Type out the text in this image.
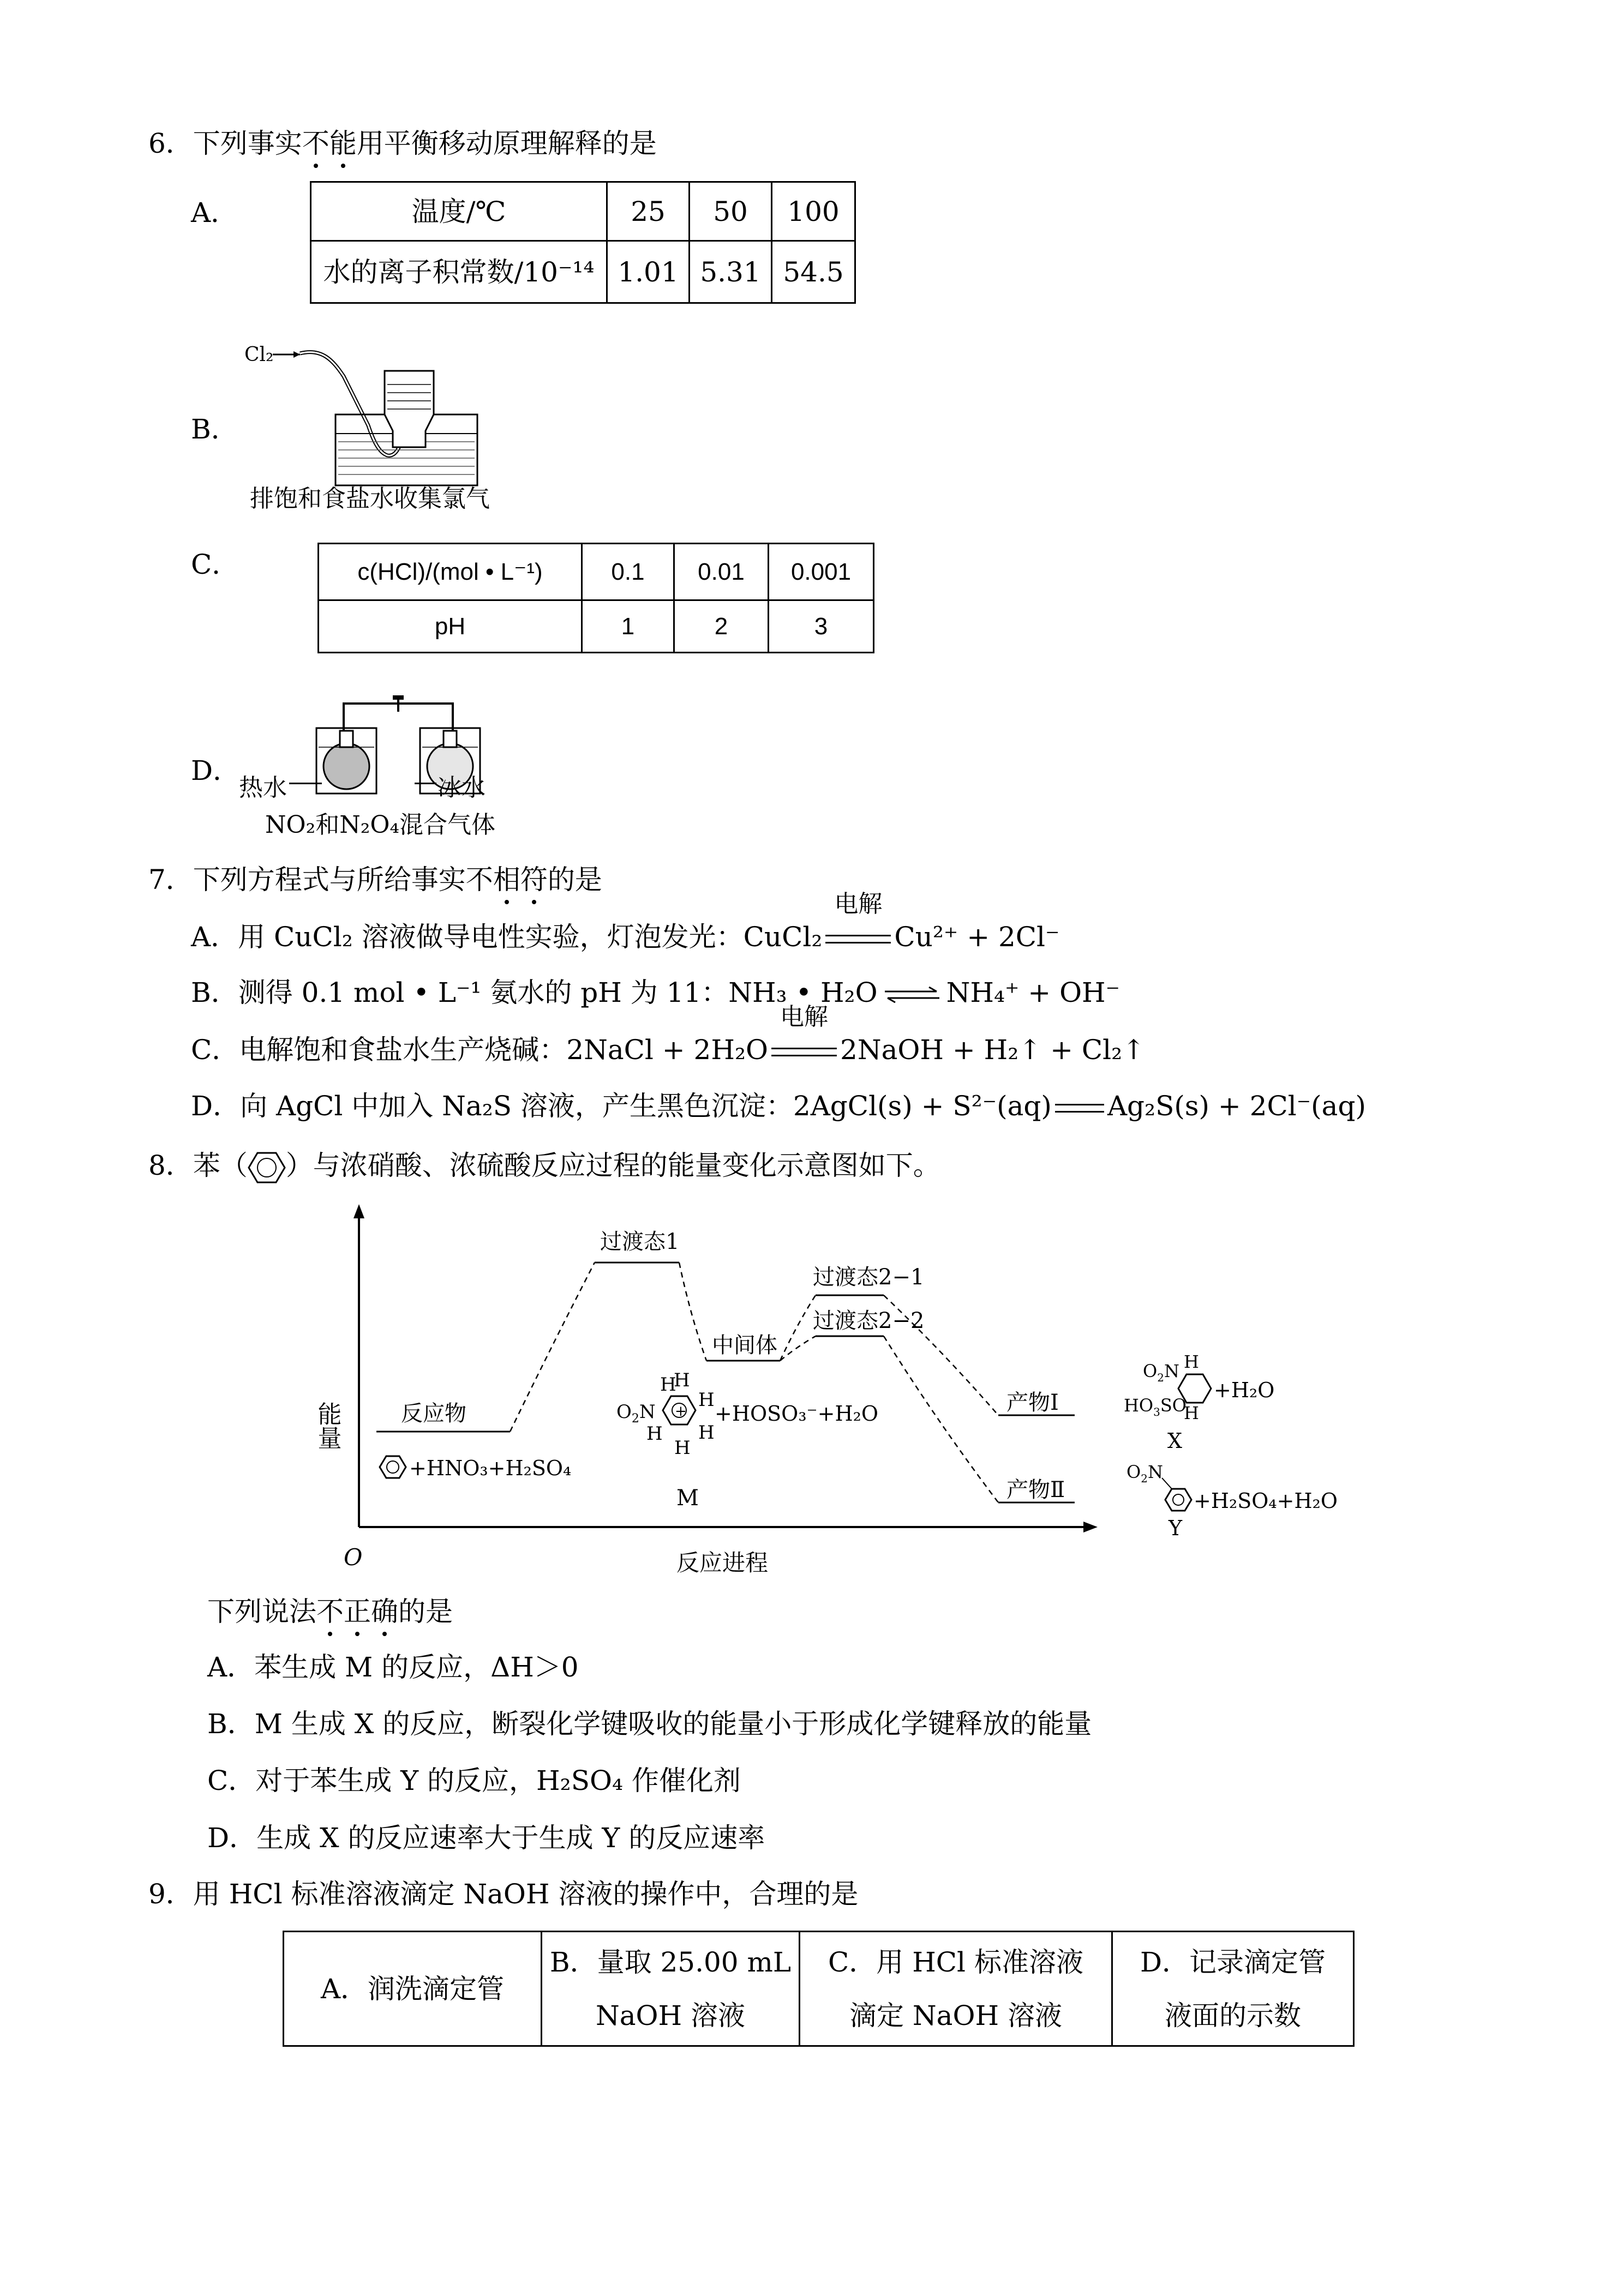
6．下列事实不能用平衡移动原理解释的是
A．	温度/℃	25	50	100
水的离子积常数/10⁻¹⁴	1.01	5.31	54.5
B．
Cl₂
排饱和食盐水收集氯气
C．	c(HCl)/(mol • L⁻¹)	0.1	0.01	0.001
pH	1	2	3
D．
热水	冰水
NO₂和N₂O₄混合气体
7．下列方程式与所给事实不相符的是
A．用 CuCl₂ 溶液做导电性实验，灯泡发光：CuCl₂
电解
Cu²⁺ + 2Cl⁻
B．测得 0.1 mol • L⁻¹ 氨水的 pH 为 11：NH₃ • H₂O ⇌ NH₄⁺ + OH⁻
C．电解饱和食盐水生产烧碱：2NaCl + 2H₂O
电解
2NaOH + H₂↑ + Cl₂↑
D．向 AgCl 中加入 Na₂S 溶液，产生黑色沉淀：2AgCl(s) + S²⁻(aq) Ag₂S(s) + 2Cl⁻(aq)
8．苯（ ）与浓硝酸、浓硫酸反应过程的能量变化示意图如下。
能量
O	反应进程
反应物
过渡态1
中间体
过渡态2−1
过渡态2−2
产物Ⅰ
产物Ⅱ
+HNO₃+H₂SO₄
+
$O_2N$
H
H
H
H
H
H
+HOSO₃⁻+H₂O
M
$O_2N$ H
$HO_3SO$
H
+H₂O
X
$O_2N$
+H₂SO₄+H₂O
Y
下列说法不正确的是
A．苯生成 M 的反应，ΔH＞0
B．M 生成 X 的反应，断裂化学键吸收的能量小于形成化学键释放的能量
C．对于苯生成 Y 的反应，H₂SO₄ 作催化剂
D．生成 X 的反应速率大于生成 Y 的反应速率
9．用 HCl 标准溶液滴定 NaOH 溶液的操作中，合理的是
A．润洗滴定管

B．量取 25.00 mL
NaOH 溶液

C．用 HCl 标准溶液
滴定 NaOH 溶液

D．记录滴定管
液面的示数
